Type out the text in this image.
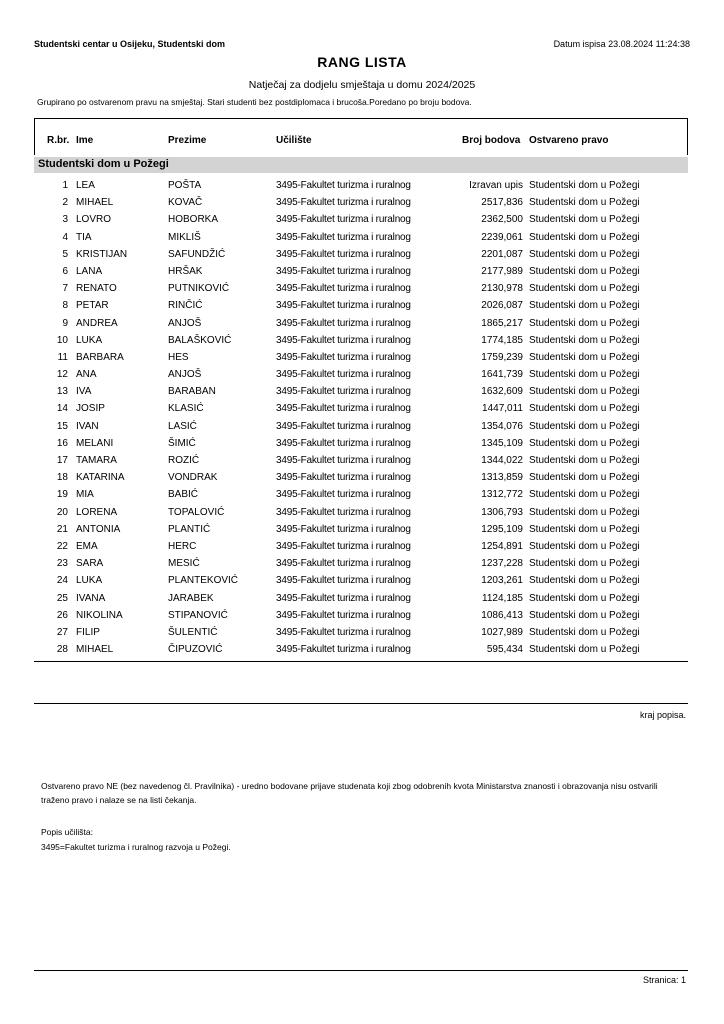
Studentski centar u Osijeku, Studentski dom	Datum ispisa 23.08.2024 11:24:38
RANG LISTA
Natječaj za dodjelu smještaja u domu 2024/2025
Grupirano po ostvarenom pravu na smještaj. Stari studenti bez postdiplomaca i brucoša.Poredano po broju bodova.
R.br. Ime	Prezime	Učilište	Broj bodova Ostvareno pravo
Studentski dom u Požegi
1 LEA	POŠTA	3495-Fakultet turizma i ruralnog	Izravan upis Studentski dom u Požegi
2 MIHAEL	KOVAČ	3495-Fakultet turizma i ruralnog	2517,836 Studentski dom u Požegi
3 LOVRO	HOBORKA	3495-Fakultet turizma i ruralnog	2362,500 Studentski dom u Požegi
4 TIA	MIKLIŠ	3495-Fakultet turizma i ruralnog	2239,061 Studentski dom u Požegi
5 KRISTIJAN	SAFUNDŽIĆ	3495-Fakultet turizma i ruralnog	2201,087 Studentski dom u Požegi
6 LANA	HRŠAK	3495-Fakultet turizma i ruralnog	2177,989 Studentski dom u Požegi
7 RENATO	PUTNIKOVIĆ	3495-Fakultet turizma i ruralnog	2130,978 Studentski dom u Požegi
8 PETAR	RINČIĆ	3495-Fakultet turizma i ruralnog	2026,087 Studentski dom u Požegi
9 ANDREA	ANJOŠ	3495-Fakultet turizma i ruralnog	1865,217 Studentski dom u Požegi
10 LUKA	BALAŠKOVIĆ	3495-Fakultet turizma i ruralnog	1774,185 Studentski dom u Požegi
11 BARBARA	HES	3495-Fakultet turizma i ruralnog	1759,239 Studentski dom u Požegi
12 ANA	ANJOŠ	3495-Fakultet turizma i ruralnog	1641,739 Studentski dom u Požegi
13 IVA	BARABAN	3495-Fakultet turizma i ruralnog	1632,609 Studentski dom u Požegi
14 JOSIP	KLASIĆ	3495-Fakultet turizma i ruralnog	1447,011 Studentski dom u Požegi
15 IVAN	LASIĆ	3495-Fakultet turizma i ruralnog	1354,076 Studentski dom u Požegi
16 MELANI	ŠIMIĆ	3495-Fakultet turizma i ruralnog	1345,109 Studentski dom u Požegi
17 TAMARA	ROZIĆ	3495-Fakultet turizma i ruralnog	1344,022 Studentski dom u Požegi
18 KATARINA	VONDRAK	3495-Fakultet turizma i ruralnog	1313,859 Studentski dom u Požegi
19 MIA	BABIĆ	3495-Fakultet turizma i ruralnog	1312,772 Studentski dom u Požegi
20 LORENA	TOPALOVIĆ	3495-Fakultet turizma i ruralnog	1306,793 Studentski dom u Požegi
21 ANTONIA	PLANTIĆ	3495-Fakultet turizma i ruralnog	1295,109 Studentski dom u Požegi
22 EMA	HERC	3495-Fakultet turizma i ruralnog	1254,891 Studentski dom u Požegi
23 SARA	MESIĆ	3495-Fakultet turizma i ruralnog	1237,228 Studentski dom u Požegi
24 LUKA	PLANTEKOVIĆ	3495-Fakultet turizma i ruralnog	1203,261 Studentski dom u Požegi
25 IVANA	JARABEK	3495-Fakultet turizma i ruralnog	1124,185 Studentski dom u Požegi
26 NIKOLINA	STIPANOVIĆ	3495-Fakultet turizma i ruralnog	1086,413 Studentski dom u Požegi
27 FILIP	ŠULENTIĆ	3495-Fakultet turizma i ruralnog	1027,989 Studentski dom u Požegi
28 MIHAEL	ČIPUZOVIĆ	3495-Fakultet turizma i ruralnog	595,434 Studentski dom u Požegi
kraj popisa.
Ostvareno pravo NE (bez navedenog čl. Pravilnika) - uredno bodovane prijave studenata koji zbog odobrenih kvota Ministarstva znanosti i obrazovanja nisu ostvarili traženo pravo i nalaze se na listi čekanja.
Popis učilišta:
3495=Fakultet turizma i ruralnog razvoja u Požegi.
Stranica: 1
